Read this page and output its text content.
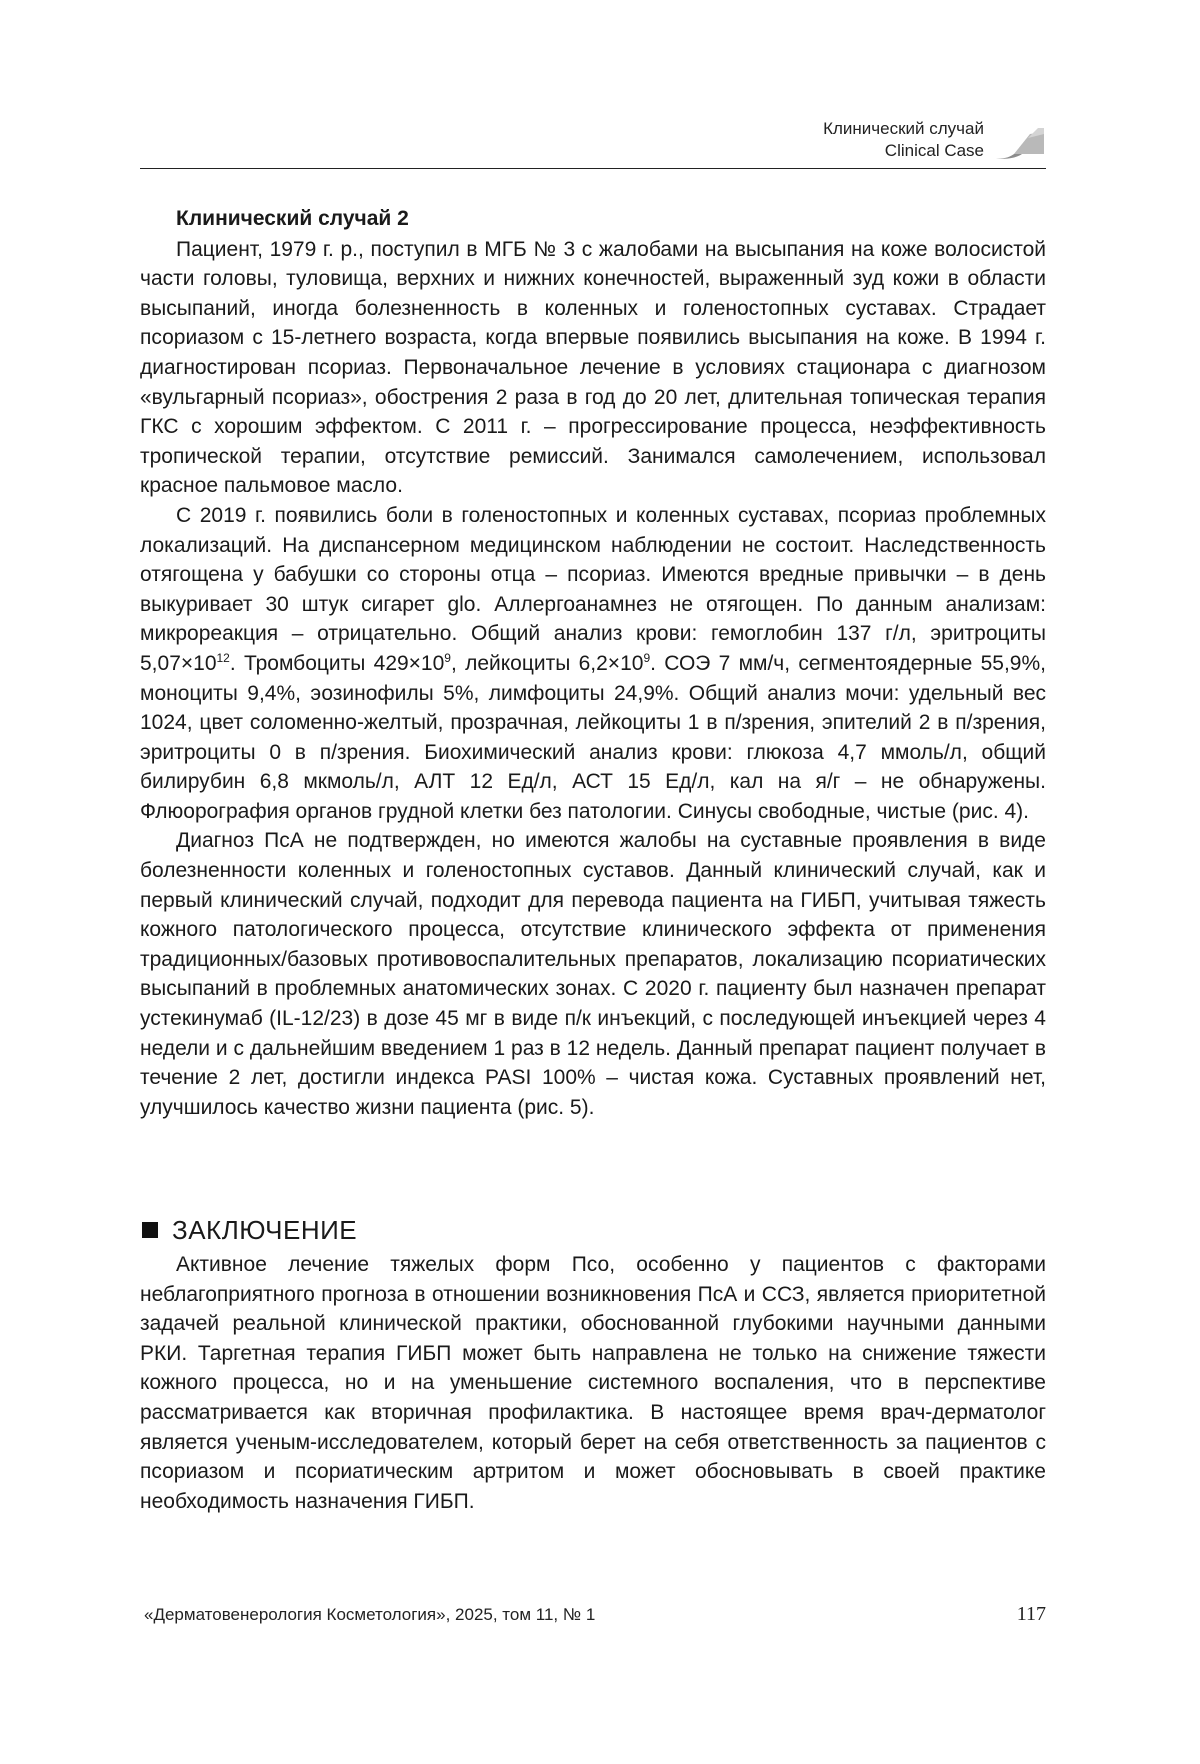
Клинический случай
Clinical Case
Клинический случай 2

Пациент, 1979 г. р., поступил в МГБ № 3 с жалобами на высыпания на коже волосистой части головы, туловища, верхних и нижних конечностей, выраженный зуд кожи в области высыпаний, иногда болезненность в коленных и голеностопных суставах. Страдает псориазом с 15-летнего возраста, когда впервые появились высыпания на коже. В 1994 г. диагностирован псориаз. Первоначальное лечение в условиях стационара с диагнозом «вульгарный псориаз», обострения 2 раза в год до 20 лет, длительная топическая терапия ГКС с хорошим эффектом. С 2011 г. – прогрессирование процесса, неэффективность тропической терапии, отсутствие ремиссий. Занимался самолечением, использовал красное пальмовое масло.

С 2019 г. появились боли в голеностопных и коленных суставах, псориаз проблемных локализаций. На диспансерном медицинском наблюдении не состоит. Наследственность отягощена у бабушки со стороны отца – псориаз. Имеются вредные привычки – в день выкуривает 30 штук сигарет glo. Аллергоанамнез не отягощен. По данным анализам: микрореакция – отрицательно. Общий анализ крови: гемоглобин 137 г/л, эритроциты $5,07\times 10^{12}$. Тромбоциты $429\times 10^9$, лейкоциты $6,2\times 10^9$. СОЭ 7 мм/ч, сегментоядерные 55,9%, моноциты 9,4%, эозинофилы 5%, лимфоциты 24,9%. Общий анализ мочи: удельный вес 1024, цвет соломенно-желтый, прозрачная, лейкоциты 1 в п/зрения, эпителий 2 в п/зрения, эритроциты 0 в п/зрения. Биохимический анализ крови: глюкоза 4,7 ммоль/л, общий билирубин 6,8 мкмоль/л, АЛТ 12 Ед/л, АСТ 15 Ед/л, кал на я/г – не обнаружены. Флюорография органов грудной клетки без патологии. Синусы свободные, чистые (рис. 4).

Диагноз ПсА не подтвержден, но имеются жалобы на суставные проявления в виде болезненности коленных и голеностопных суставов. Данный клинический случай, как и первый клинический случай, подходит для перевода пациента на ГИБП, учитывая тяжесть кожного патологического процесса, отсутствие клинического эффекта от применения традиционных/базовых противовоспалительных препаратов, локализацию псориатических высыпаний в проблемных анатомических зонах. С 2020 г. пациенту был назначен препарат устекинумаб (IL-12/23) в дозе 45 мг в виде п/к инъекций, с последующей инъекцией через 4 недели и с дальнейшим введением 1 раз в 12 недель. Данный препарат пациент получает в течение 2 лет, достигли индекса PASI 100% – чистая кожа. Суставных проявлений нет, улучшилось качество жизни пациента (рис. 5).

ЗАКЛЮЧЕНИЕ

Активное лечение тяжелых форм Псо, особенно у пациентов с факторами неблагоприятного прогноза в отношении возникновения ПсА и ССЗ, является приоритетной задачей реальной клинической практики, обоснованной глубокими научными данными РКИ. Таргетная терапия ГИБП может быть направлена не только на снижение тяжести кожного процесса, но и на уменьшение системного воспаления, что в перспективе рассматривается как вторичная профилактика. В настоящее время врач-дерматолог является ученым-исследователем, который берет на себя ответственность за пациентов с псориазом и псориатическим артритом и может обосновывать в своей практике необходимость назначения ГИБП.

«Дерматовенерология Косметология», 2025, том 11, № 1	117
